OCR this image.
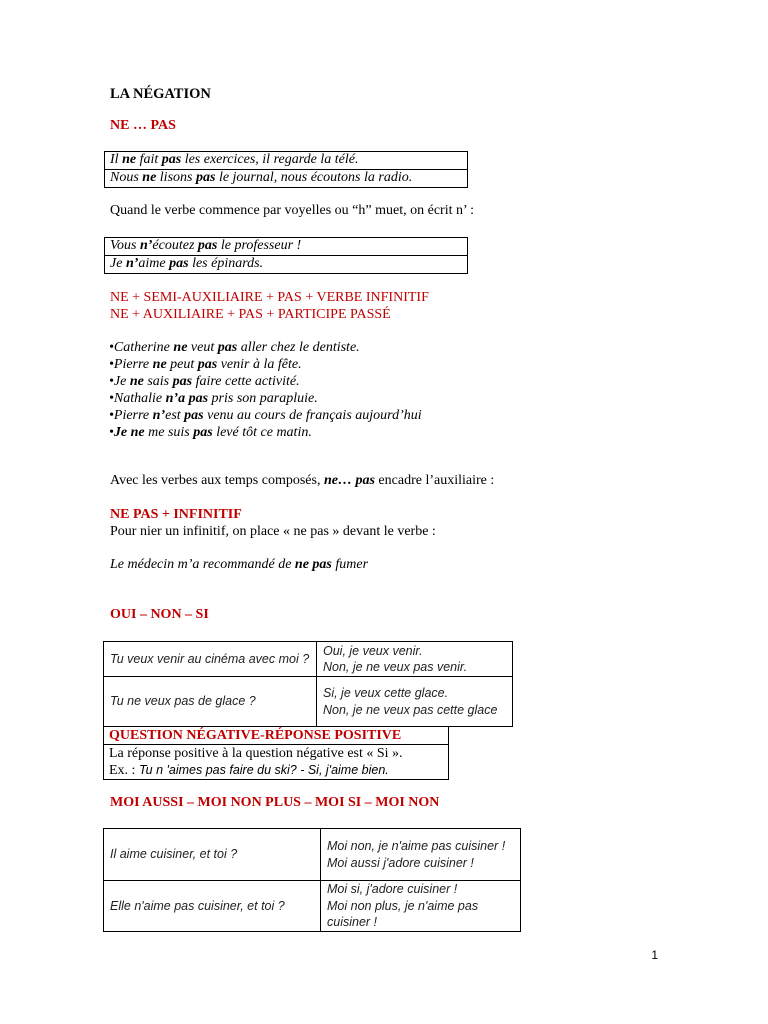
LA NÉGATION
NE … PAS
Il ne fait pas les exercices, il regarde la télé.
Nous ne lisons pas le journal, nous écoutons la radio.
Quand le verbe commence par voyelles ou “h” muet, on écrit n’ :
Vous n’écoutez pas le professeur !
Je n’aime pas les épinards.
NE + SEMI-AUXILIAIRE + PAS + VERBE INFINITIF
NE + AUXILIAIRE + PAS + PARTICIPE PASSÉ
•Catherine ne veut pas aller chez le dentiste.
•Pierre ne peut pas venir à la fête.
•Je ne sais pas faire cette activité.
•Nathalie n’a pas pris son parapluie.
•Pierre n’est pas venu au cours de français aujourd’hui
•Je ne me suis pas levé tôt ce matin.
Avec les verbes aux temps composés, ne… pas encadre l’auxiliaire :
NE PAS + INFINITIF
Pour nier un infinitif, on place « ne pas » devant le verbe :
Le médecin m’a recommandé de ne pas fumer
OUI – NON – SI
Tu veux venir au cinéma avec moi ?	Oui, je veux venir.
Non, je ne veux pas venir.

Tu ne veux pas de glace ?	Si, je veux cette glace.
Non, je ne veux pas cette glace
QUESTION NÉGATIVE-RÉPONSE POSITIVE
La réponse positive à la question négative est « Si ».
Ex. : Tu n 'aimes pas faire du ski? - Si, j'aime bien.
MOI AUSSI – MOI NON PLUS – MOI SI – MOI NON
Il aime cuisiner, et toi ?	Moi non, je n'aime pas cuisiner !
Moi aussi j'adore cuisiner !

Elle n'aime pas cuisiner, et toi ?	Moi si, j'adore cuisiner !
Moi non plus, je n'aime pas cuisiner !
1
